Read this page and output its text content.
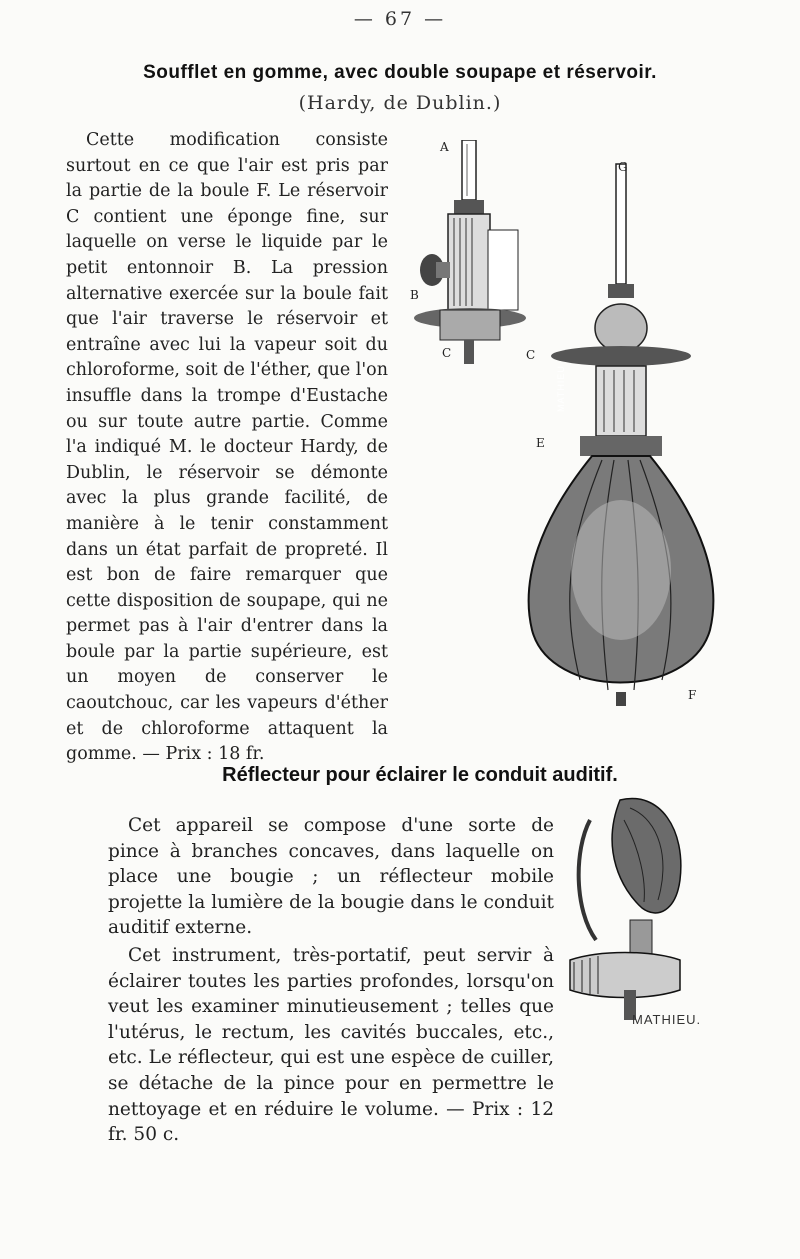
— 67 —
Soufflet en gomme, avec double soupape et réservoir.
(Hardy, de Dublin.)

Cette modification consiste surtout en ce que l'air est pris par la partie de la boule F. Le réservoir C contient une éponge fine, sur laquelle on verse le liquide par le petit entonnoir B. La pression alternative exercée sur la boule fait que l'air traverse le réservoir et entraîne avec lui la vapeur soit du chloroforme, soit de l'éther, que l'on insuffle dans la trompe d'Eustache ou sur toute autre partie. Comme l'a indiqué M. le docteur Hardy, de Dublin, le réservoir se démonte avec la plus grande facilité, de manière à le tenir constamment dans un état parfait de propreté. Il est bon de faire remarquer que cette disposition de soupape, qui ne permet pas à l'air d'entrer dans la boule par la partie supérieure, est un moyen de conserver le caoutchouc, car les vapeurs d'éther et de chloroforme attaquent la gomme. — Prix : 18 fr.

A
B
C
G
C
E
F
MATHIEU
Réflecteur pour éclairer le conduit auditif.

Cet appareil se compose d'une sorte de pince à branches concaves, dans laquelle on place une bougie ; un réflecteur mobile projette la lumière de la bougie dans le conduit auditif externe.

Cet instrument, très-portatif, peut servir à éclairer toutes les parties profondes, lorsqu'on veut les examiner minutieusement ; telles que l'utérus, le rectum, les cavités buccales, etc., etc. Le réflecteur, qui est une espèce de cuiller, se détache de la pince pour en permettre le nettoyage et en réduire le volume. — Prix : 12 fr. 50 c.

MATHIEU.
